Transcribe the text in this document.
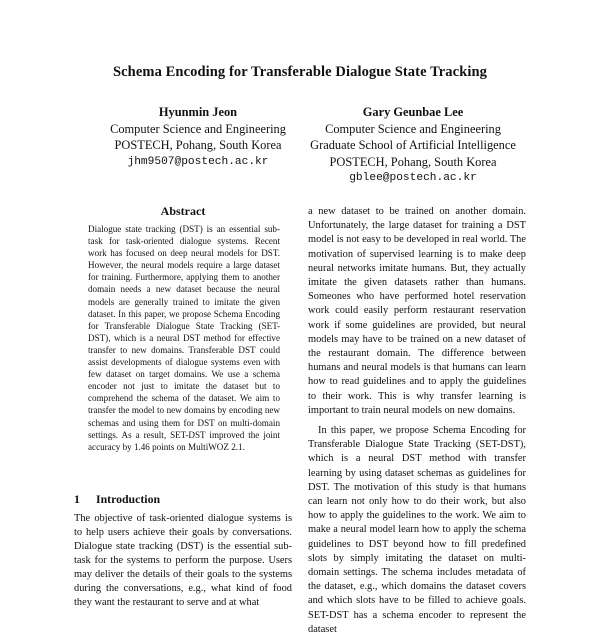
Schema Encoding for Transferable Dialogue State Tracking
Hyunmin Jeon
Computer Science and Engineering
POSTECH, Pohang, South Korea
jhm9507@postech.ac.kr
Gary Geunbae Lee
Computer Science and Engineering
Graduate School of Artificial Intelligence
POSTECH, Pohang, South Korea
gblee@postech.ac.kr
Abstract
Dialogue state tracking (DST) is an essential sub-task for task-oriented dialogue systems. Recent work has focused on deep neural models for DST. However, the neural models require a large dataset for training. Furthermore, applying them to another domain needs a new dataset because the neural models are generally trained to imitate the given dataset. In this paper, we propose Schema Encoding for Transferable Dialogue State Tracking (SET-DST), which is a neural DST method for effective transfer to new domains. Transferable DST could assist developments of dialogue systems even with few dataset on target domains. We use a schema encoder not just to imitate the dataset but to comprehend the schema of the dataset. We aim to transfer the model to new domains by encoding new schemas and using them for DST on multi-domain settings. As a result, SET-DST improved the joint accuracy by 1.46 points on MultiWOZ 2.1.
1 Introduction
The objective of task-oriented dialogue systems is to help users achieve their goals by conversations. Dialogue state tracking (DST) is the essential sub-task for the systems to perform the purpose. Users may deliver the details of their goals to the systems during the conversations, e.g., what kind of food they want the restaurant to serve and at what

a new dataset to be trained on another domain. Unfortunately, the large dataset for training a DST model is not easy to be developed in real world. The motivation of supervised learning is to make deep neural networks imitate humans. But, they actually imitate the given datasets rather than humans. Someones who have performed hotel reservation work could easily perform restaurant reservation work if some guidelines are provided, but neural models may have to be trained on a new dataset of the restaurant domain. The difference between humans and neural models is that humans can learn how to read guidelines and to apply the guidelines to their work. This is why transfer learning is important to train neural models on new domains.

In this paper, we propose Schema Encoding for Transferable Dialogue State Tracking (SET-DST), which is a neural DST method with transfer learning by using dataset schemas as guidelines for DST. The motivation of this study is that humans can learn not only how to do their work, but also how to apply the guidelines to the work. We aim to make a neural model learn how to apply the schema guidelines to DST beyond how to fill predefined slots by simply imitating the dataset on multi-domain settings. The schema includes metadata of the dataset, e.g., which domains the dataset covers and which slots have to be filled to achieve goals. SET-DST has a schema encoder to represent the dataset
